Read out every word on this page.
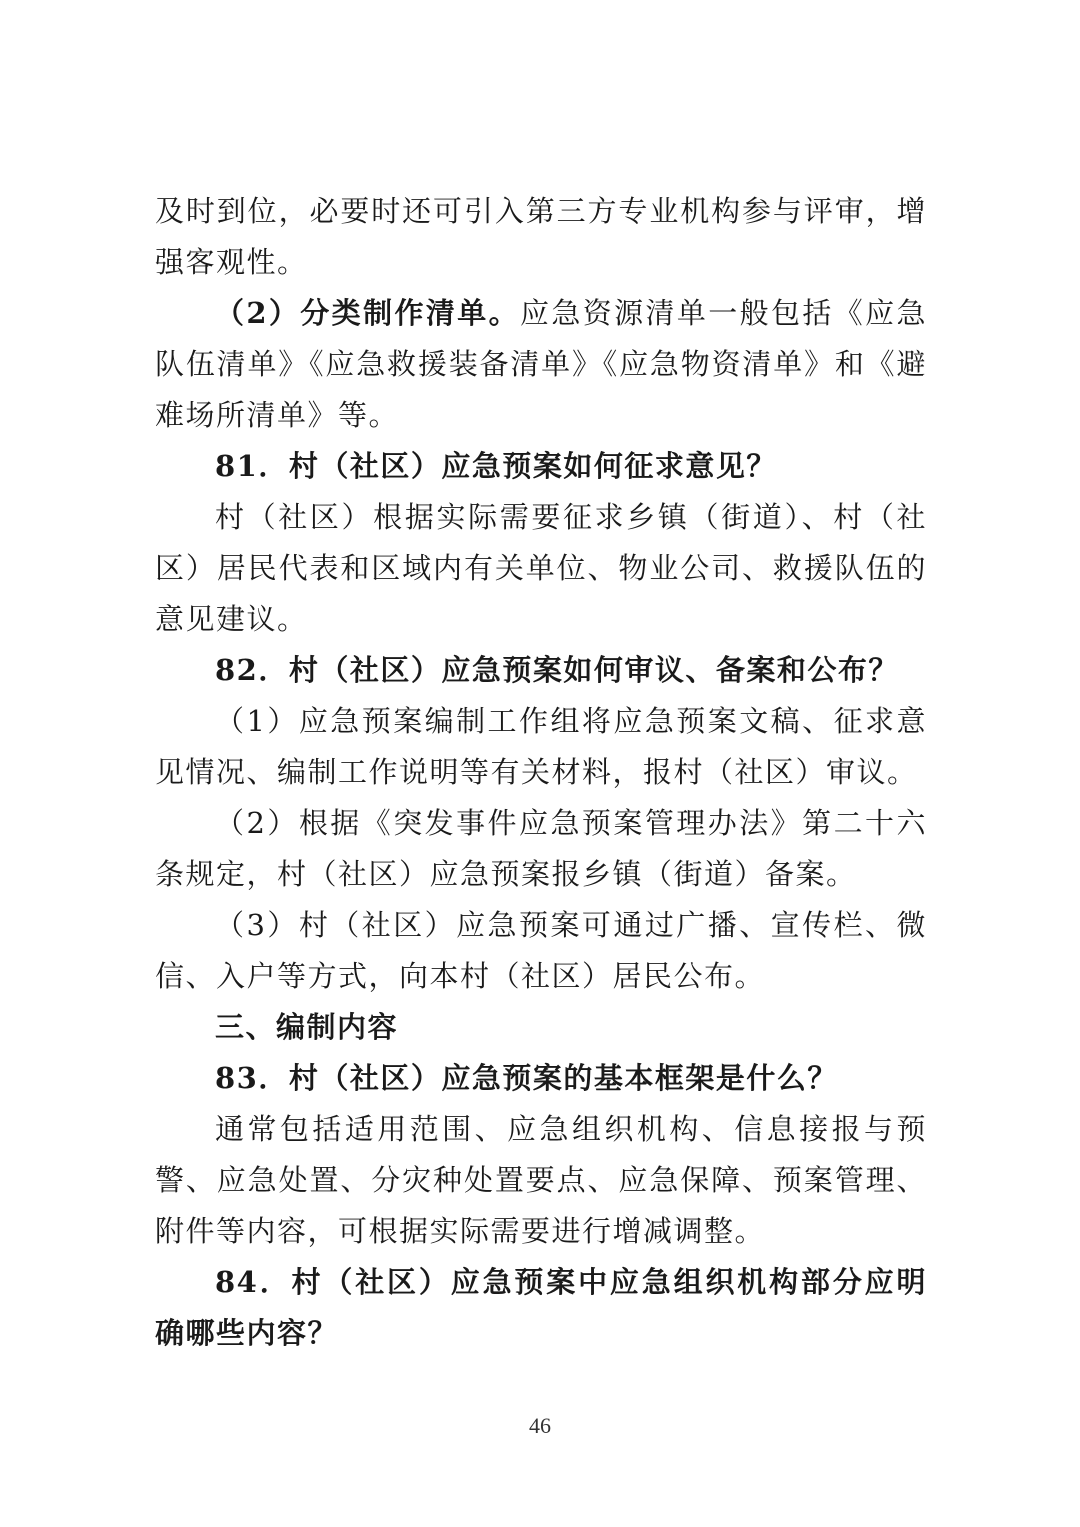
及时到位，必要时还可引入第三方专业机构参与评审，增强客观性。

（2）分类制作清单。应急资源清单一般包括《应急队伍清单》《应急救援装备清单》《应急物资清单》和《避难场所清单》等。

81．村（社区）应急预案如何征求意见？

村（社区）根据实际需要征求乡镇（街道）、村（社区）居民代表和区域内有关单位、物业公司、救援队伍的意见建议。

82．村（社区）应急预案如何审议、备案和公布？

（1）应急预案编制工作组将应急预案文稿、征求意见情况、编制工作说明等有关材料，报村（社区）审议。

（2）根据《突发事件应急预案管理办法》第二十六条规定，村（社区）应急预案报乡镇（街道）备案。

（3）村（社区）应急预案可通过广播、宣传栏、微信、入户等方式，向本村（社区）居民公布。

三、编制内容

83．村（社区）应急预案的基本框架是什么？

通常包括适用范围、应急组织机构、信息接报与预警、应急处置、分灾种处置要点、应急保障、预案管理、附件等内容，可根据实际需要进行增减调整。

84．村（社区）应急预案中应急组织机构部分应明确哪些内容？

46
